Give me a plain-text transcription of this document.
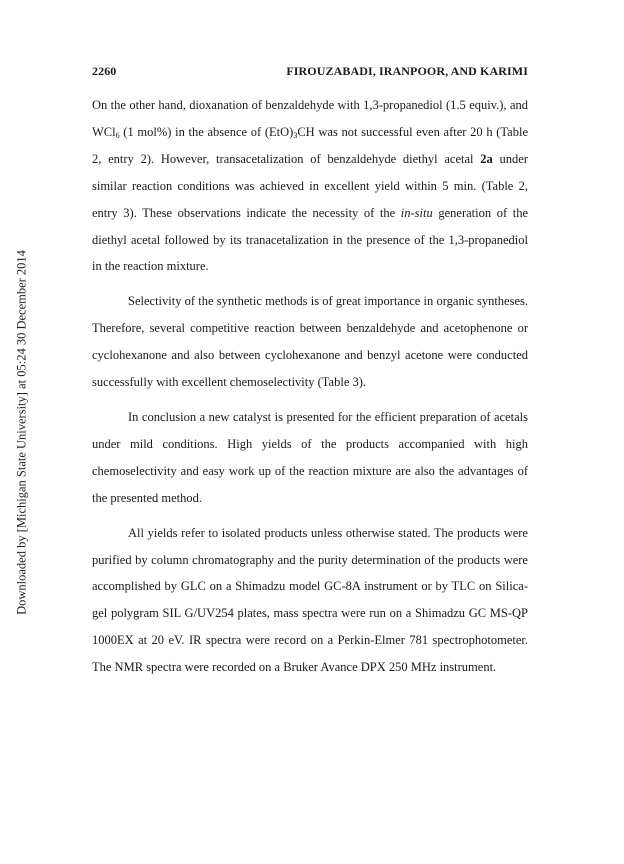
Downloaded by [Michigan State University] at 05:24 30 December 2014
2260	FIROUZABADI, IRANPOOR, AND KARIMI

On the other hand, dioxanation of benzaldehyde with 1,3-propanediol (1.5 equiv.), and WCl$_6$ (1 mol%) in the absence of $(EtO)_3CH$ was not successful even after 20 h (Table 2, entry 2). However, transacetalization of benzaldehyde diethyl acetal 2a under similar reaction conditions was achieved in excellent yield within 5 min. (Table 2, entry 3). These observations indicate the necessity of the in-situ generation of the diethyl acetal followed by its tranacetalization in the presence of the 1,3-propanediol in the reaction mixture.

Selectivity of the synthetic methods is of great importance in organic syntheses. Therefore, several competitive reaction between benzaldehyde and acetophenone or cyclohexanone and also between cyclohexanone and benzyl acetone were conducted successfully with excellent chemoselectivity (Table 3).

In conclusion a new catalyst is presented for the efficient preparation of acetals under mild conditions. High yields of the products accompanied with high chemoselectivity and easy work up of the reaction mixture are also the advantages of the presented method.

All yields refer to isolated products unless otherwise stated. The products were purified by column chromatography and the purity determination of the products were accomplished by GLC on a Shimadzu model GC-8A instrument or by TLC on Silica-gel polygram SIL G/UV254 plates, mass spectra were run on a Shimadzu GC MS-QP 1000EX at 20 eV. IR spectra were record on a Perkin-Elmer 781 spectrophotometer. The NMR spectra were recorded on a Bruker Avance DPX 250 MHz instrument.
